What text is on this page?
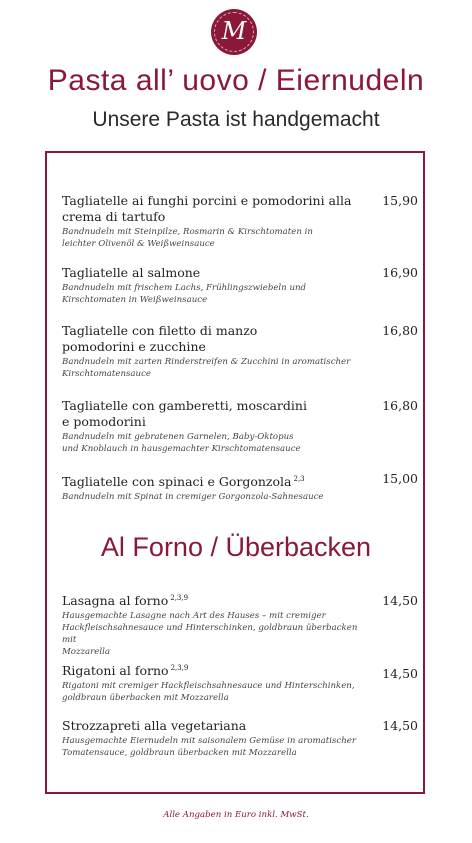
M
Pasta all’ uovo / Eiernudeln
Unsere Pasta ist handgemacht
Tagliatelle ai funghi porcini e pomodorini alla
crema di tartufo
Bandnudeln mit Steinpilze, Rosmarin & Kirschtomaten in
leichter Olivenöl & Weißweinsauce
15,90
Tagliatelle al salmone
Bandnudeln mit frischem Lachs, Frühlingszwiebeln und
Kirschtomaten in Weißweinsauce
16,90
Tagliatelle con filetto di manzo
pomodorini e zucchine
Bandnudeln mit zarten Rinderstreifen & Zucchini in aromatischer
Kirschtomatensauce
16,80
Tagliatelle con gamberetti, moscardini
e pomodorini
Bandnudeln mit gebratenen Garnelen, Baby-Oktopus
und Knoblauch in hausgemachter Kirschtomatensauce
16,80
Tagliatelle con spinaci e Gorgonzola $^{2,3}$
Bandnudeln mit Spinat in cremiger Gorgonzola-Sahnesauce
15,00
Al Forno / Überbacken
Lasagna al forno $^{2,3,9}$
Hausgemachte Lasagne nach Art des Hauses – mit cremiger
Hackfleischsahnesauce und Hinterschinken, goldbraun überbacken mit
Mozzarella
14,50
Rigatoni al forno $^{2,3,9}$
Rigatoni mit cremiger Hackfleischsahnesauce und Hinterschinken,
goldbraun überbacken mit Mozzarella
14,50
Strozzapreti alla vegetariana
Hausgemachte Eiernudeln mit saisonalem Gemüse in aromatischer
Tomatensauce, goldbraun überbacken mit Mozzarella
14,50
Alle Angaben in Euro inkl. MwSt.
